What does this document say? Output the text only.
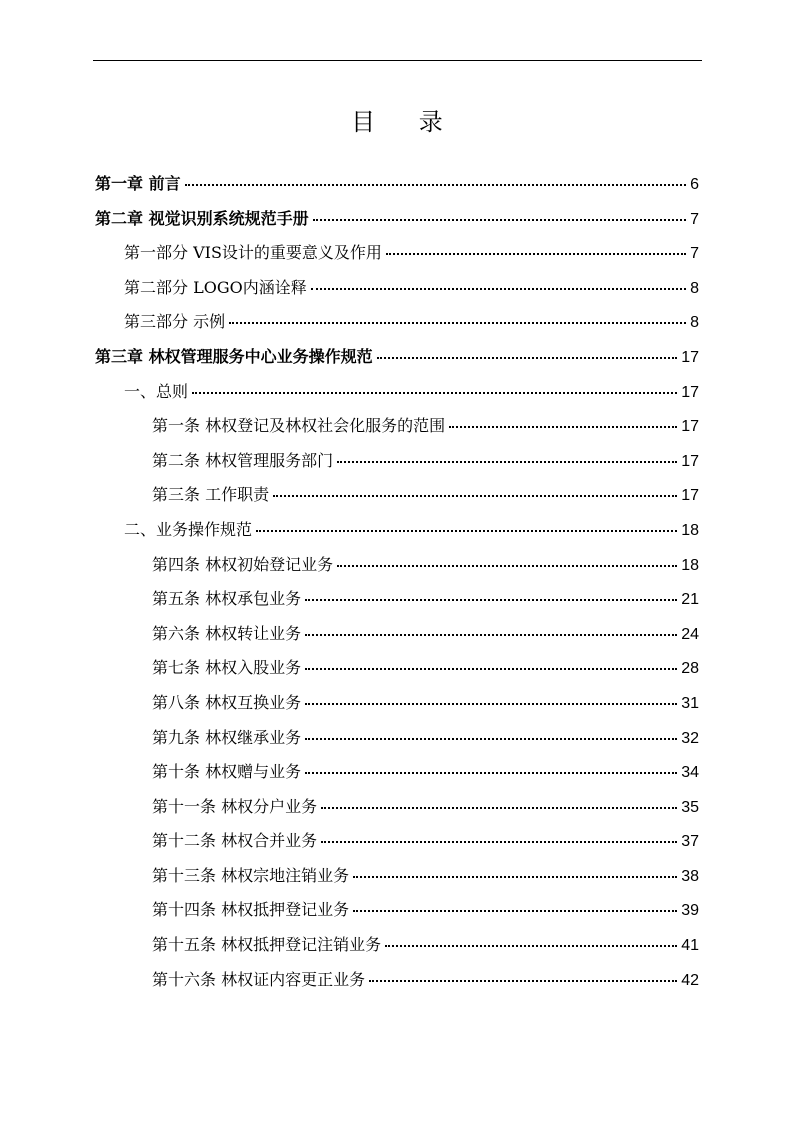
目 录
第一章 前言	6
第二章 视觉识别系统规范手册	7
第一部分 VIS设计的重要意义及作用	7
第二部分 LOGO内涵诠释	8
第三部分 示例	8
第三章 林权管理服务中心业务操作规范	17
一、总则	17
第一条 林权登记及林权社会化服务的范围	17
第二条 林权管理服务部门	17
第三条 工作职责	17
二、业务操作规范	18
第四条 林权初始登记业务	18
第五条 林权承包业务	21
第六条 林权转让业务	24
第七条 林权入股业务	28
第八条 林权互换业务	31
第九条 林权继承业务	32
第十条 林权赠与业务	34
第十一条 林权分户业务	35
第十二条 林权合并业务	37
第十三条 林权宗地注销业务	38
第十四条 林权抵押登记业务	39
第十五条 林权抵押登记注销业务	41
第十六条 林权证内容更正业务	42
